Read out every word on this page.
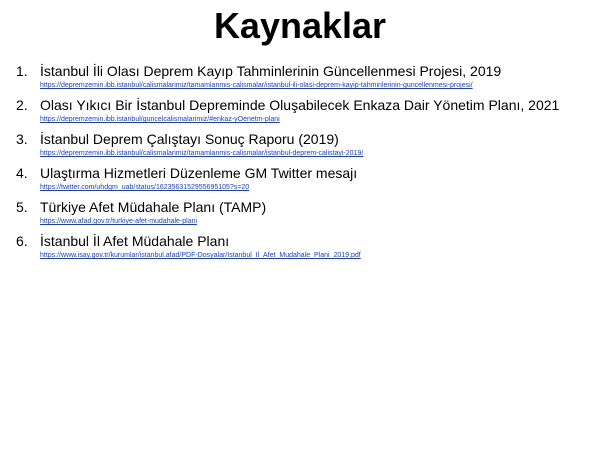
Kaynaklar
1. İstanbul İli Olası Deprem Kayıp Tahminlerinin Güncellenmesi Projesi, 2019
https://depremzemin.ibb.istanbul/calismalarimiz/tamamlanmis-calismalar/istanbul-ili-olasi-deprem-kayip-tahminlerinin-guncellenmesi-projesi/
2. Olası Yıkıcı Bir İstanbul Depreminde Oluşabilecek Enkaza Dair Yönetim Planı, 2021
https://depremzemin.ibb.istanbul/guncelcalismalarimiz/#enkaz-yOenetm-plani
3. İstanbul Deprem Çalıştayı Sonuç Raporu (2019)
https://depremzemin.ibb.istanbul/calismalarimiz/tamamlanmis-calismalar/istanbul-deprem-calistayi-2019/
4. Ulaştırma Hizmetleri Düzenleme GM Twitter mesajı
https://twitter.com/uhdgm_uab/status/1623563152955695105?s=20
5. Türkiye Afet Müdahale Planı (TAMP)
https://www.afad.gov.tr/turkiye-afet-mudahale-plani
6. İstanbul İl Afet Müdahale Planı
https://www.isay.gov.tr/kurumlar/istanbul.afad/PDF-Dosyalar/Istanbul_Il_Afet_Mudahale_Plani_2019.pdf
